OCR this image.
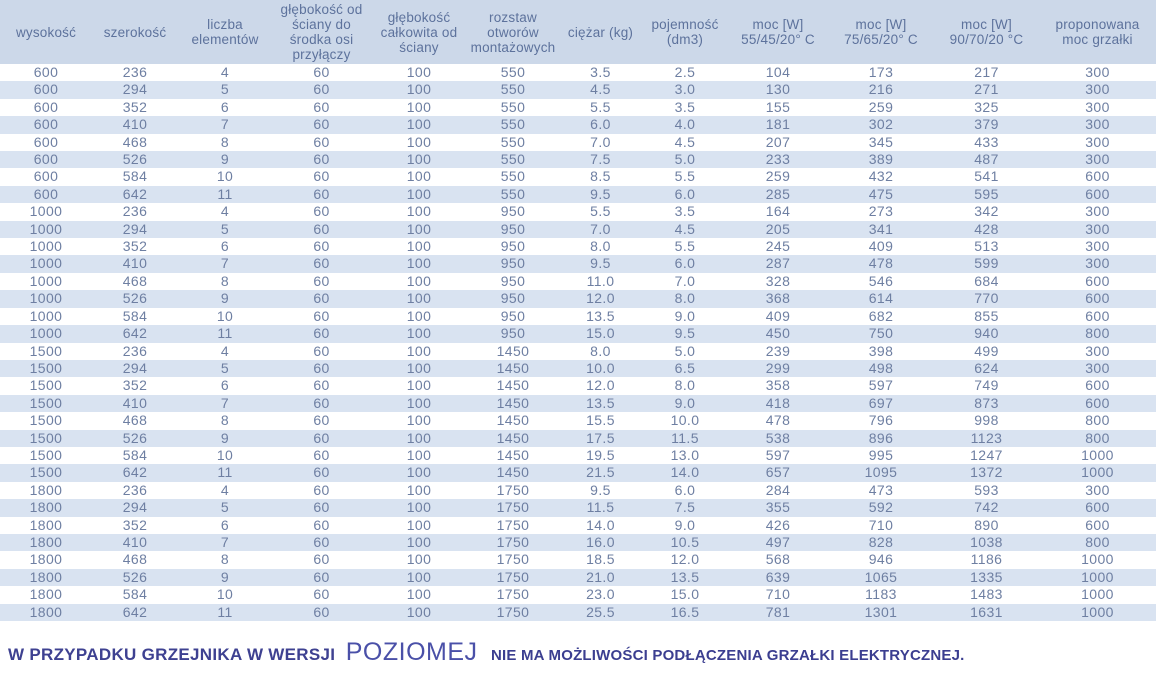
wysokość	szerokość	liczba elementów	głębokość od ściany do środka osi przyłączy	głębokość całkowita od ściany	rozstaw otworów montażowych	ciężar (kg)	pojemność (dm3)	moc [W] 55/45/20° C	moc [W] 75/65/20° C	moc [W] 90/70/20 °C	proponowana moc grzałki
600	236	4	60	100	550	3.5	2.5	104	173	217	300
600	294	5	60	100	550	4.5	3.0	130	216	271	300
600	352	6	60	100	550	5.5	3.5	155	259	325	300
600	410	7	60	100	550	6.0	4.0	181	302	379	300
600	468	8	60	100	550	7.0	4.5	207	345	433	300
600	526	9	60	100	550	7.5	5.0	233	389	487	300
600	584	10	60	100	550	8.5	5.5	259	432	541	600
600	642	11	60	100	550	9.5	6.0	285	475	595	600
1000	236	4	60	100	950	5.5	3.5	164	273	342	300
1000	294	5	60	100	950	7.0	4.5	205	341	428	300
1000	352	6	60	100	950	8.0	5.5	245	409	513	300
1000	410	7	60	100	950	9.5	6.0	287	478	599	300
1000	468	8	60	100	950	11.0	7.0	328	546	684	600
1000	526	9	60	100	950	12.0	8.0	368	614	770	600
1000	584	10	60	100	950	13.5	9.0	409	682	855	600
1000	642	11	60	100	950	15.0	9.5	450	750	940	800
1500	236	4	60	100	1450	8.0	5.0	239	398	499	300
1500	294	5	60	100	1450	10.0	6.5	299	498	624	300
1500	352	6	60	100	1450	12.0	8.0	358	597	749	600
1500	410	7	60	100	1450	13.5	9.0	418	697	873	600
1500	468	8	60	100	1450	15.5	10.0	478	796	998	800
1500	526	9	60	100	1450	17.5	11.5	538	896	1123	800
1500	584	10	60	100	1450	19.5	13.0	597	995	1247	1000
1500	642	11	60	100	1450	21.5	14.0	657	1095	1372	1000
1800	236	4	60	100	1750	9.5	6.0	284	473	593	300
1800	294	5	60	100	1750	11.5	7.5	355	592	742	600
1800	352	6	60	100	1750	14.0	9.0	426	710	890	600
1800	410	7	60	100	1750	16.0	10.5	497	828	1038	800
1800	468	8	60	100	1750	18.5	12.0	568	946	1186	1000
1800	526	9	60	100	1750	21.0	13.5	639	1065	1335	1000
1800	584	10	60	100	1750	23.0	15.0	710	1183	1483	1000
1800	642	11	60	100	1750	25.5	16.5	781	1301	1631	1000
W PRZYPADKU GRZEJNIKA W WERSJI POZIOMEJ NIE MA MOŻLIWOŚCI PODŁĄCZENIA GRZAŁKI ELEKTRYCZNEJ.
